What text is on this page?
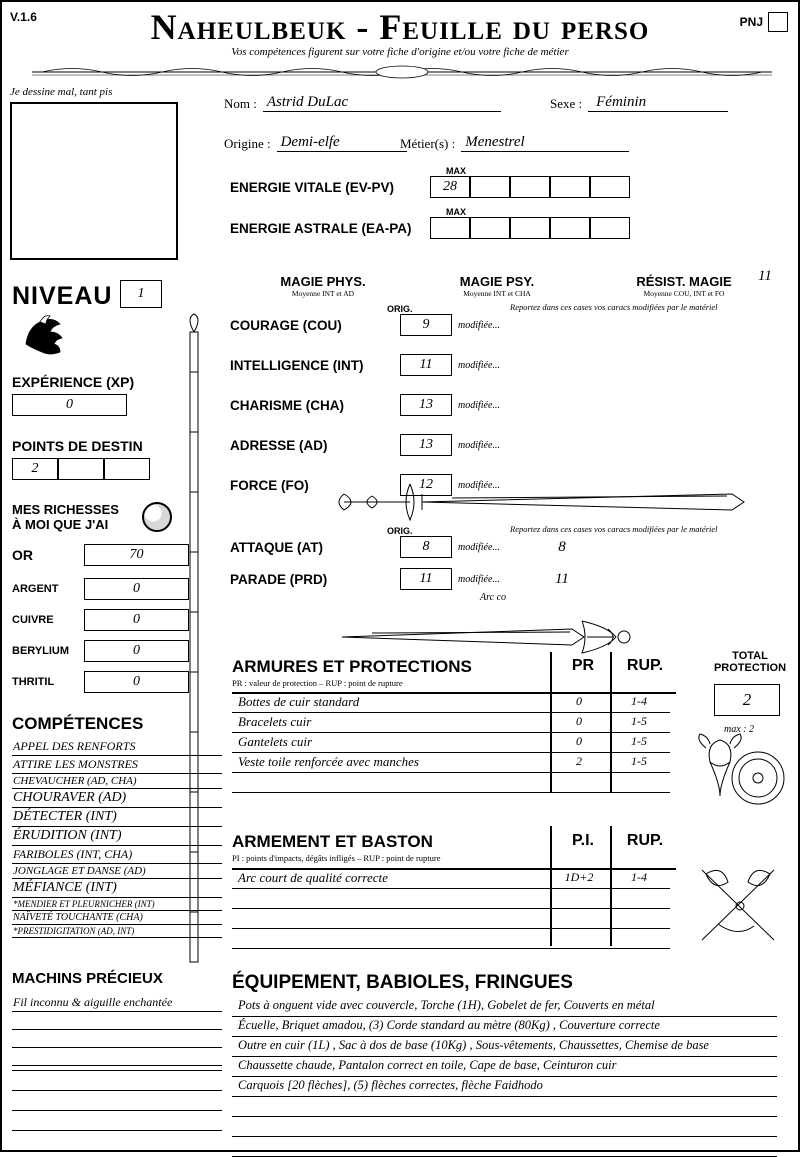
V.1.6	Naheulbeuk - Feuille du perso
Vos compétences figurent sur votre fiche d'origine et/ou votre fiche de métier
PNJ
Je dessine mal, tant pis
Nom : Astrid DuLac	Sexe : Féminin
Origine : Demi-elfe	Métier(s) : Menestrel
MAX
ENERGIE VITALE (EV-PV)	28
MAX
ENERGIE ASTRALE (EA-PA)
MAGIE PHYS.
Moyenne INT et AD
MAGIE PSY.
Moyenne INT et CHA
RÉSIST. MAGIE
Moyenne COU, INT et FO
11
Reportez dans ces cases vos caracs modifiées par le matériel
ORIG.
COURAGE (COU)	9	modifiée...
INTELLIGENCE (INT)	11	modifiée...
CHARISME (CHA)	13	modifiée...
ADRESSE (AD)	13	modifiée...
FORCE (FO)	12	modifiée...
Reportez dans ces cases vos caracs modifiées par le matériel
ORIG.
ATTAQUE (AT)	8	modifiée...	8
PARADE (PRD)	11	modifiée...	11
Arc co
NIVEAU	1
EXPÉRIENCE (XP)
0
POINTS DE DESTIN
2
MES RICHESSES
À MOI QUE J'AI
OR	70
ARGENT	0
CUIVRE	0
BERYLIUM	0
THRITIL	0
COMPÉTENCES
APPEL DES RENFORTS
ATTIRE LES MONSTRES
CHEVAUCHER (AD, CHA)
CHOURAVER (AD)
DÉTECTER (INT)
ÉRUDITION (INT)
FARIBOLES (INT, CHA)
JONGLAGE ET DANSE (AD)
MÉFIANCE (INT)
*MENDIER ET PLEURNICHER (INT)
NAÏVETÉ TOUCHANTE (CHA)
*PRESTIDIGITATION (AD, INT)
MACHINS PRÉCIEUX
Fil inconnu & aiguille enchantée
ARMURES ET PROTECTIONS
PR : valeur de protection – RUP : point de rupture
PR	RUP.
Bottes de cuir standard	0	1-4
Bracelets cuir	0	1-5
Gantelets cuir	0	1-5
Veste toile renforcée avec manches	2	1-5
TOTAL
PROTECTION
2
max : 2
ARMEMENT ET BASTON
PI : points d'impacts, dégâts infligés – RUP : point de rupture
P.I.	RUP.
Arc court de qualité correcte	1D+2	1-4
ÉQUIPEMENT, BABIOLES, FRINGUES
Pots à onguent vide avec couvercle, Torche (1H), Gobelet de fer, Couverts en métal
Écuelle, Briquet amadou, (3) Corde standard au mètre (80Kg) , Couverture correcte
Outre en cuir (1L) , Sac à dos de base (10Kg) , Sous-vêtements, Chaussettes, Chemise de base
Chaussette chaude, Pantalon correct en toile, Cape de base, Ceinturon cuir
Carquois [20 flèches], (5) flèches correctes, flèche Faidhodo
